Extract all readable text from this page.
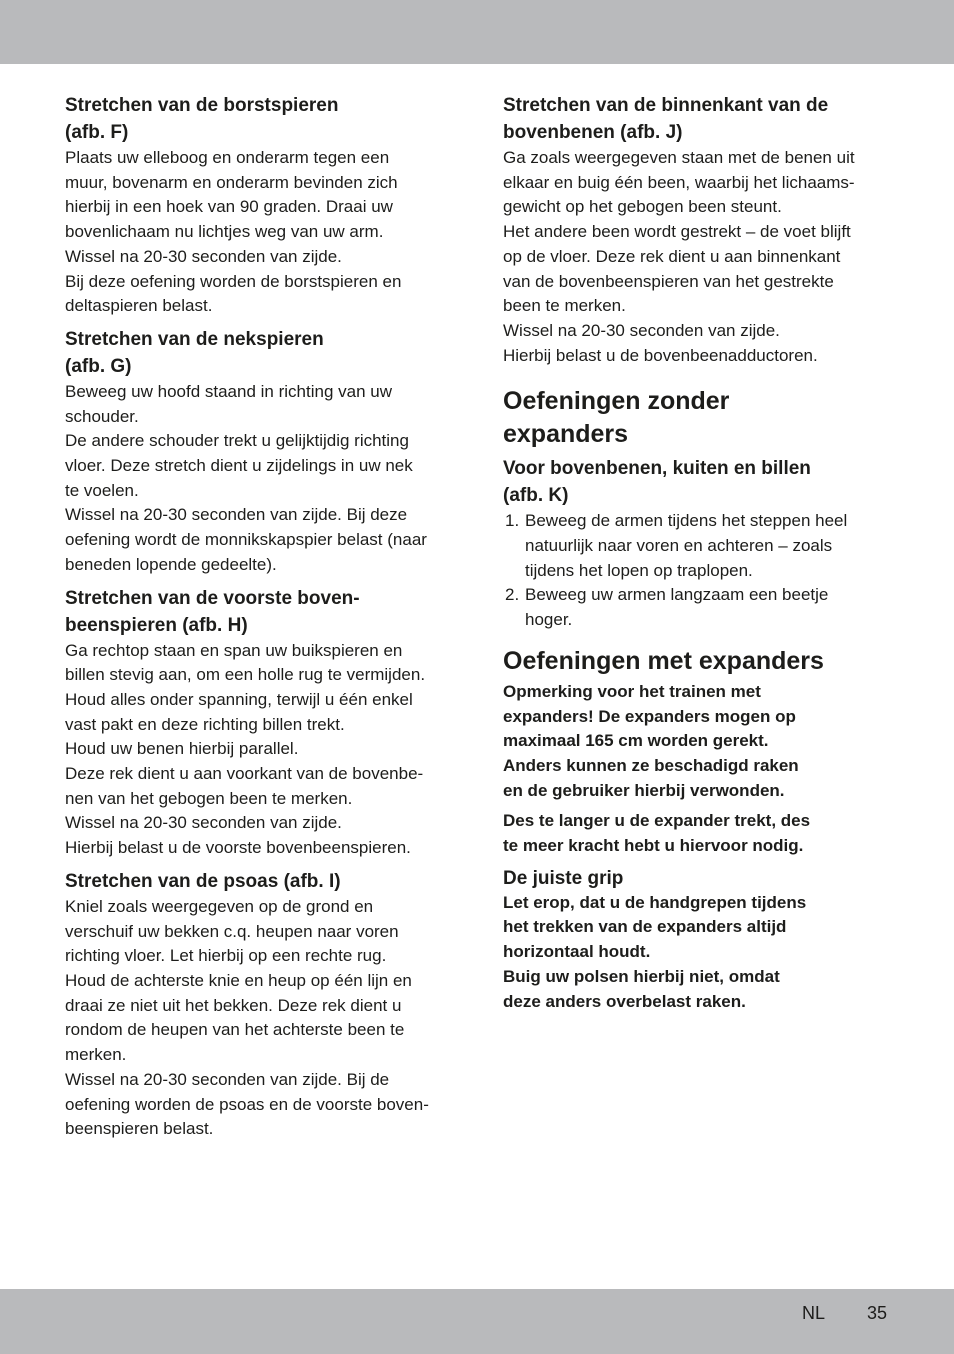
Stretchen van de borstspieren
(afb. F)

Plaats uw elleboog en onderarm tegen een
muur, bovenarm en onderarm bevinden zich
hierbij in een hoek van 90 graden. Draai uw
bovenlichaam nu lichtjes weg van uw arm.
Wissel na 20-30 seconden van zijde.
Bij deze oefening worden de borstspieren en
deltaspieren belast.

Stretchen van de nekspieren
(afb. G)

Beweeg uw hoofd staand in richting van uw
schouder.
De andere schouder trekt u gelijktijdig richting
vloer. Deze stretch dient u zijdelings in uw nek
te voelen.
Wissel na 20-30 seconden van zijde. Bij deze
oefening wordt de monnikskapspier belast (naar
beneden lopende gedeelte).

Stretchen van de voorste boven-
beenspieren (afb. H)

Ga rechtop staan en span uw buikspieren en
billen stevig aan, om een holle rug te vermijden.
Houd alles onder spanning, terwijl u één enkel
vast pakt en deze richting billen trekt.
Houd uw benen hierbij parallel.
Deze rek dient u aan voorkant van de bovenbe-
nen van het gebogen been te merken.
Wissel na 20-30 seconden van zijde.
Hierbij belast u de voorste bovenbeenspieren.

Stretchen van de psoas (afb. I)

Kniel zoals weergegeven op de grond en
verschuif uw bekken c.q. heupen naar voren
richting vloer. Let hierbij op een rechte rug.
Houd de achterste knie en heup op één lijn en
draai ze niet uit het bekken. Deze rek dient u
rondom de heupen van het achterste been te
merken.
Wissel na 20-30 seconden van zijde. Bij de
oefening worden de psoas en de voorste boven-
beenspieren belast.

Stretchen van de binnenkant van de
bovenbenen (afb. J)

Ga zoals weergegeven staan met de benen uit
elkaar en buig één been, waarbij het lichaams-
gewicht op het gebogen been steunt.
Het andere been wordt gestrekt – de voet blijft
op de vloer. Deze rek dient u aan binnenkant
van de bovenbeenspieren van het gestrekte
been te merken.
Wissel na 20-30 seconden van zijde.
Hierbij belast u de bovenbeenadductoren.

Oefeningen zonder
expanders
Voor bovenbenen, kuiten en billen
(afb. K)
1. Beweeg de armen tijdens het steppen heel
natuurlijk naar voren en achteren – zoals
tijdens het lopen op traplopen.
2. Beweeg uw armen langzaam een beetje
hoger.
Oefeningen met expanders

Opmerking voor het trainen met
expanders! De expanders mogen op
maximaal 165 cm worden gerekt.
Anders kunnen ze beschadigd raken
en de gebruiker hierbij verwonden.

Des te langer u de expander trekt, des
te meer kracht hebt u hiervoor nodig.

De juiste grip

Let erop, dat u de handgrepen tijdens
het trekken van de expanders altijd
horizontaal houdt.
Buig uw polsen hierbij niet, omdat
deze anders overbelast raken.

NL 35
